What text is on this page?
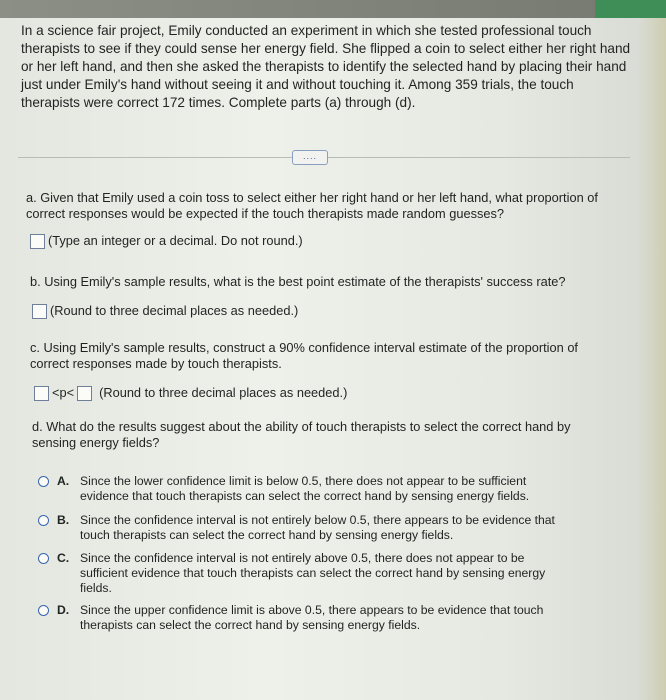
In a science fair project, Emily conducted an experiment in which she tested professional touch therapists to see if they could sense her energy field. She flipped a coin to select either her right hand or her left hand, and then she asked the therapists to identify the selected hand by placing their hand just under Emily's hand without seeing it and without touching it. Among 359 trials, the touch therapists were correct 172 times. Complete parts (a) through (d).
....
a. Given that Emily used a coin toss to select either her right hand or her left hand, what proportion of correct responses would be expected if the touch therapists made random guesses?
(Type an integer or a decimal. Do not round.)
b. Using Emily's sample results, what is the best point estimate of the therapists' success rate?
(Round to three decimal places as needed.)
c. Using Emily's sample results, construct a 90% confidence interval estimate of the proportion of correct responses made by touch therapists.
<p< (Round to three decimal places as needed.)
d. What do the results suggest about the ability of touch therapists to select the correct hand by sensing energy fields?
A. Since the lower confidence limit is below 0.5, there does not appear to be sufficient evidence that touch therapists can select the correct hand by sensing energy fields.
B. Since the confidence interval is not entirely below 0.5, there appears to be evidence that touch therapists can select the correct hand by sensing energy fields.
C. Since the confidence interval is not entirely above 0.5, there does not appear to be sufficient evidence that touch therapists can select the correct hand by sensing energy fields.
D. Since the upper confidence limit is above 0.5, there appears to be evidence that touch therapists can select the correct hand by sensing energy fields.
